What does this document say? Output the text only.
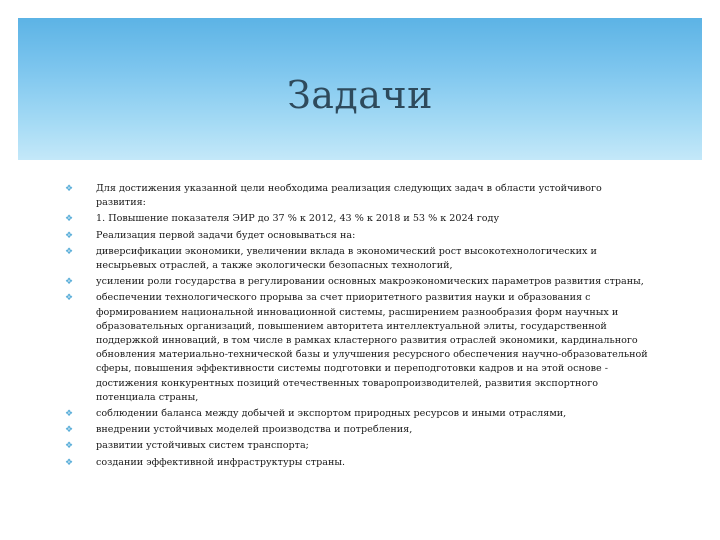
Задачи
❖ Для достижения указанной цели необходима реализация следующих задач в области устойчивого развития:
❖ 1. Повышение показателя ЭИР до 37 % к 2012, 43 % к 2018 и 53 % к 2024 году
❖ Реализация первой задачи будет основываться на:
❖ диверсификации экономики, увеличении вклада в экономический рост высокотехнологических и несырьевых отраслей, а также экологически безопасных технологий,
❖ усилении роли государства в регулировании основных макроэкономических параметров развития страны,
❖ обеспечении технологического прорыва за счет приоритетного развития науки и образования с формированием национальной инновационной системы, расширением разнообразия форм научных и образовательных организаций, повышением авторитета интеллектуальной элиты, государственной поддержкой инноваций, в том числе в рамках кластерного развития отраслей экономики, кардинального обновления материально-технической базы и улучшения ресурсного обеспечения научно-образовательной сферы, повышения эффективности системы подготовки и переподготовки кадров и на этой основе - достижения конкурентных позиций отечественных товаропроизводителей, развития экспортного потенциала страны,
❖ соблюдении баланса между добычей и экспортом природных ресурсов и иными отраслями,
❖ внедрении устойчивых моделей производства и потребления,
❖ развитии устойчивых систем транспорта;
❖ создании эффективной инфраструктуры страны.
